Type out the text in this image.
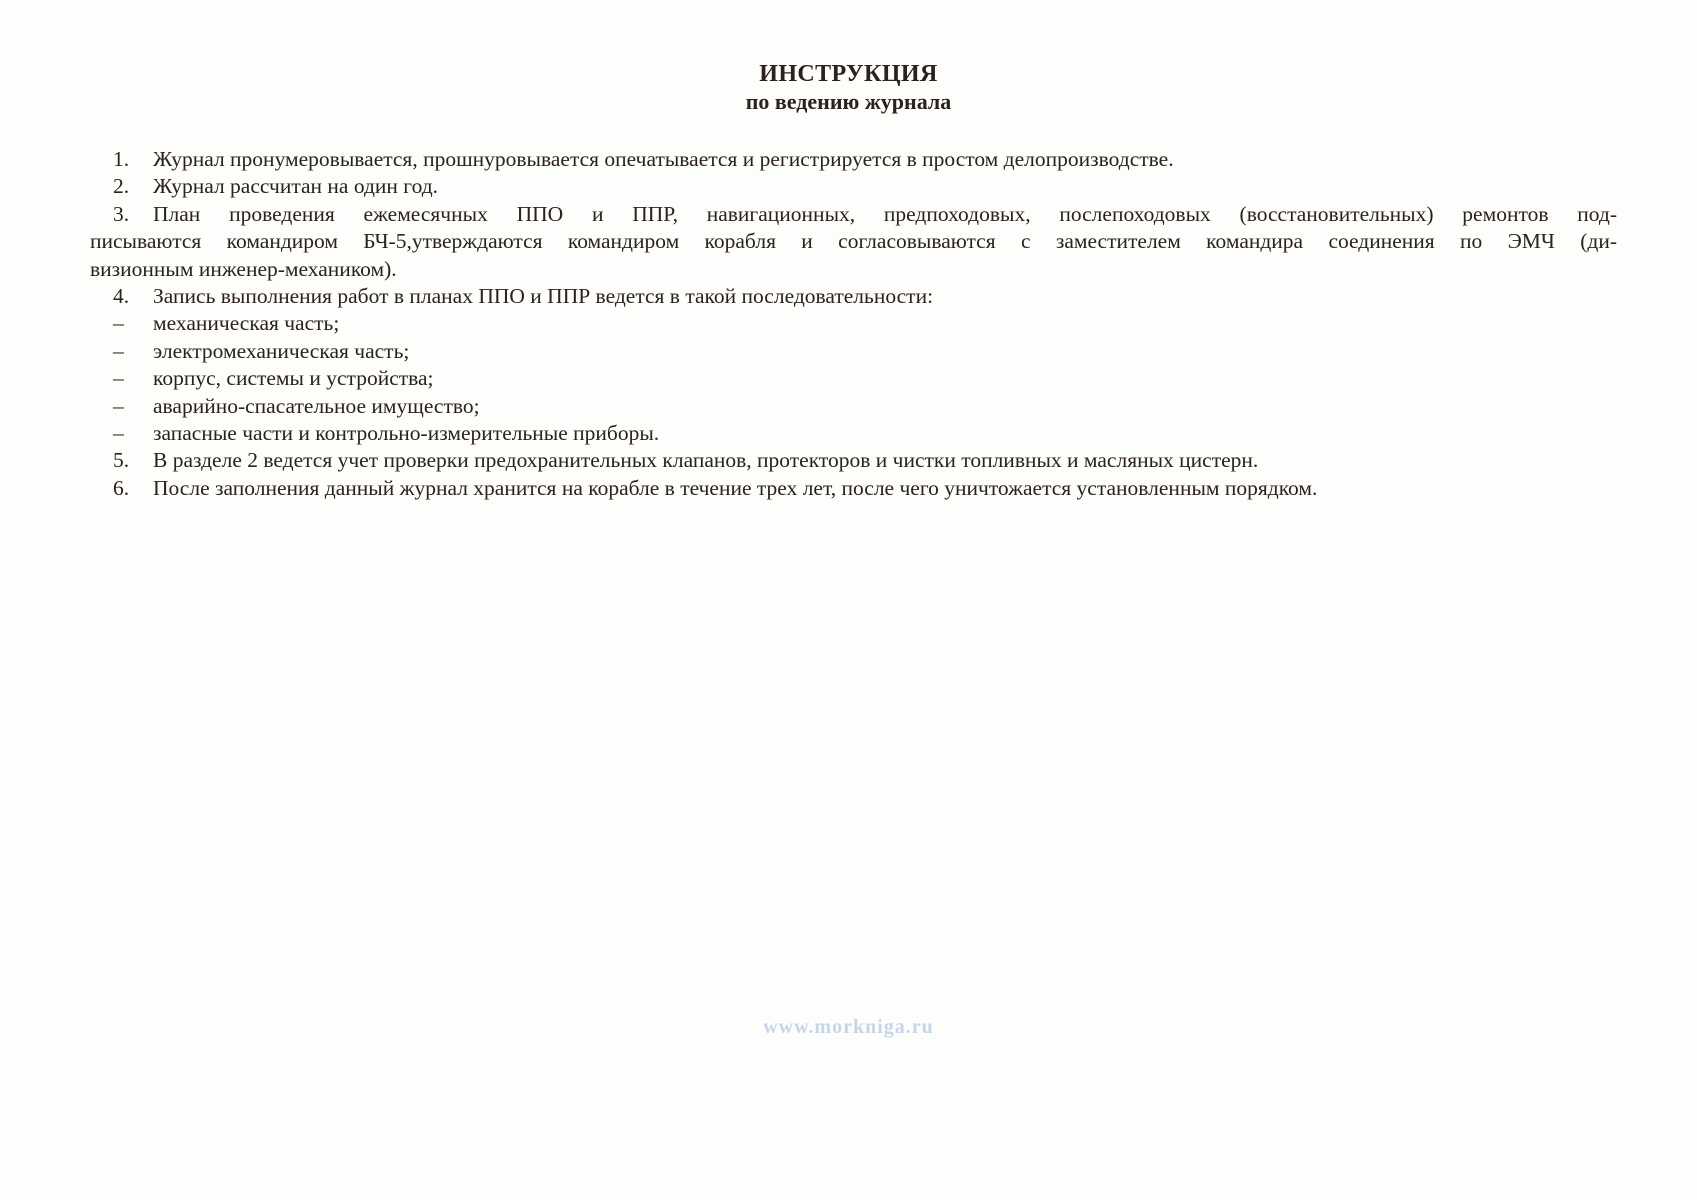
ИНСТРУКЦИЯ
по ведению журнала
1. Журнал пронумеровывается, прошнуровывается опечатывается и регистрируется в простом делопроизводстве.
2. Журнал рассчитан на один год.
3. План проведения ежемесячных ППО и ППР, навигационных, предпоходовых, послепоходовых (восстановительных) ремонтов под-
писываются командиром БЧ-5,утверждаются командиром корабля и согласовываются с заместителем командира соединения по ЭМЧ (ди-
визионным инженер-механиком).
4. Запись выполнения работ в планах ППО и ППР ведется в такой последовательности:
– механическая часть;
– электромеханическая часть;
– корпус, системы и устройства;
– аварийно-спасательное имущество;
– запасные части и контрольно-измерительные приборы.
5. В разделе 2 ведется учет проверки предохранительных клапанов, протекторов и чистки топливных и масляных цистерн.
6. После заполнения данный журнал хранится на корабле в течение трех лет, после чего уничтожается установленным порядком.
www.morkniga.ru
